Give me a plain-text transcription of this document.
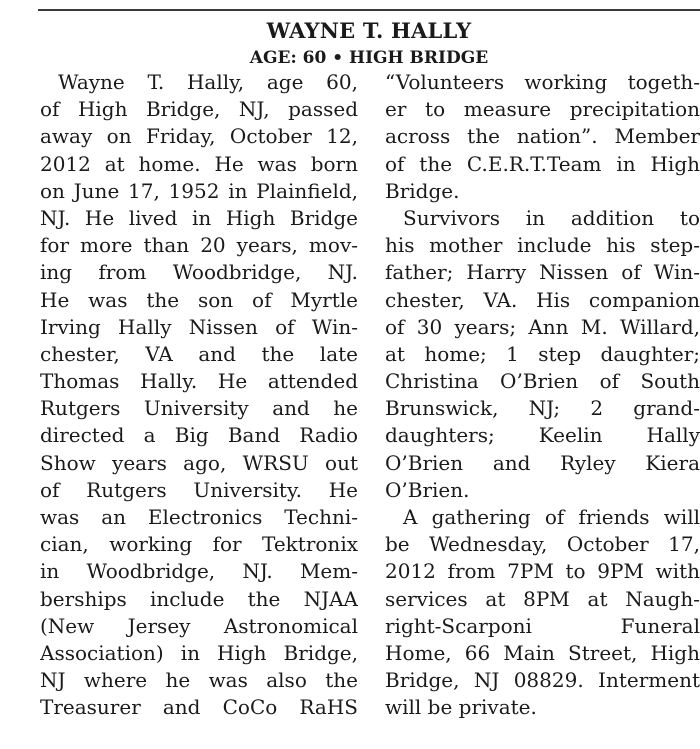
WAYNE T. HALLY
AGE: 60 • HIGH BRIDGE
Wayne T. Hally, age 60,
of High Bridge, NJ, passed
away on Friday, October 12,
2012 at home. He was born
on June 17, 1952 in Plainfield,
NJ. He lived in High Bridge
for more than 20 years, mov-
ing from Woodbridge, NJ.
He was the son of Myrtle
Irving Hally Nissen of Win-
chester, VA and the late
Thomas Hally. He attended
Rutgers University and he
directed a Big Band Radio
Show years ago, WRSU out
of Rutgers University. He
was an Electronics Techni-
cian, working for Tektronix
in Woodbridge, NJ. Mem-
berships include the NJAA
(New Jersey Astronomical
Association) in High Bridge,
NJ where he was also the
Treasurer and CoCo RaHS
“Volunteers working togeth-
er to measure precipitation
across the nation”. Member
of the C.E.R.T.Team in High
Bridge.
Survivors in addition to
his mother include his step-
father; Harry Nissen of Win-
chester, VA. His companion
of 30 years; Ann M. Willard,
at home; 1 step daughter;
Christina O’Brien of South
Brunswick, NJ; 2 grand-
daughters; Keelin Hally
O’Brien and Ryley Kiera
O’Brien.
A gathering of friends will
be Wednesday, October 17,
2012 from 7PM to 9PM with
services at 8PM at Naugh-
right-Scarponi Funeral
Home, 66 Main Street, High
Bridge, NJ 08829. Interment
will be private.
